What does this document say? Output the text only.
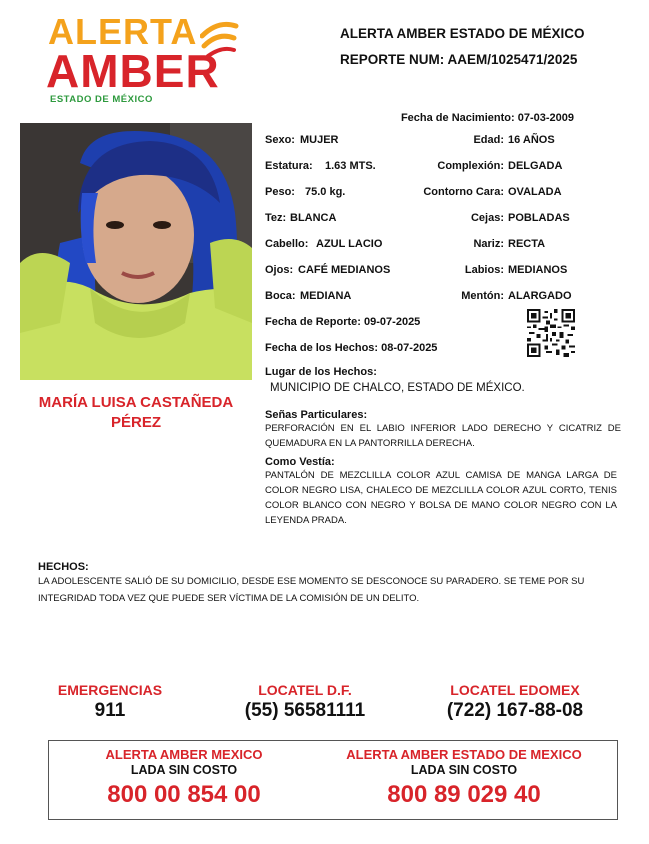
ALERTA
AMBER
ESTADO DE MÉXICO
ALERTA AMBER ESTADO DE MÉXICO
REPORTE NUM: AAEM/1025471/2025
MARÍA LUISA CASTAÑEDA
PÉREZ
Fecha de Nacimiento: 07-03-2009
Sexo: MUJER	Edad: 16 AÑOS
Estatura: 1.63 MTS.	Complexión: DELGADA
Peso: 75.0 kg.	Contorno Cara: OVALADA
Tez: BLANCA	Cejas: POBLADAS
Cabello: AZUL LACIO	Nariz: RECTA
Ojos: CAFÉ MEDIANOS	Labios: MEDIANOS
Boca: MEDIANA	Mentón: ALARGADO
Fecha de Reporte: 09-07-2025
Fecha de los Hechos: 08-07-2025
Lugar de los Hechos:
MUNICIPIO DE CHALCO, ESTADO DE MÉXICO.
Señas Particulares:
PERFORACIÓN EN EL LABIO INFERIOR LADO DERECHO Y CICATRIZ DE QUEMADURA EN LA PANTORRILLA DERECHA.
Como Vestía:
PANTALÓN DE MEZCLILLA COLOR AZUL CAMISA DE MANGA LARGA DE COLOR NEGRO LISA, CHALECO DE MEZCLILLA COLOR AZUL CORTO, TENIS COLOR BLANCO CON NEGRO Y BOLSA DE MANO COLOR NEGRO CON LA LEYENDA PRADA.
HECHOS:
LA ADOLESCENTE SALIÓ DE SU DOMICILIO, DESDE ESE MOMENTO SE DESCONOCE SU PARADERO. SE TEME POR SU INTEGRIDAD TODA VEZ QUE PUEDE SER VÍCTIMA DE LA COMISIÓN DE UN DELITO.
EMERGENCIAS
911
LOCATEL D.F.
(55) 56581111
LOCATEL EDOMEX
(722) 167-88-08
ALERTA AMBER MEXICO
LADA SIN COSTO
800 00 854 00
ALERTA AMBER ESTADO DE MEXICO
LADA SIN COSTO
800 89 029 40
